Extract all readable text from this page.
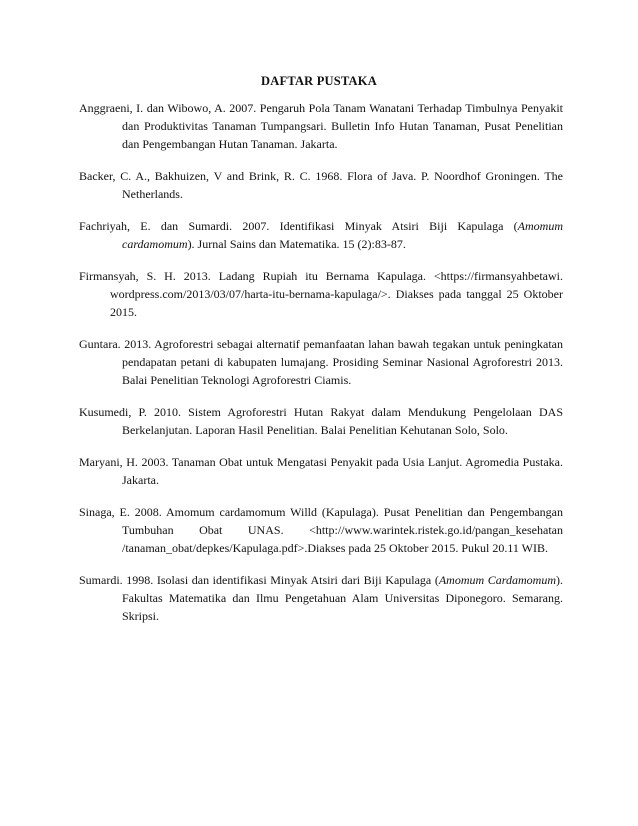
DAFTAR PUSTAKA

Anggraeni, I. dan Wibowo, A. 2007. Pengaruh Pola Tanam Wanatani Terhadap Timbulnya Penyakit dan Produktivitas Tanaman Tumpangsari. Bulletin Info Hutan Tanaman, Pusat Penelitian dan Pengembangan Hutan Tanaman. Jakarta.

Backer, C. A., Bakhuizen, V and Brink, R. C. 1968. Flora of Java. P. Noordhof Groningen. The Netherlands.

Fachriyah, E. dan Sumardi. 2007. Identifikasi Minyak Atsiri Biji Kapulaga (Amomum cardamomum). Jurnal Sains dan Matematika. 15 (2):83-87.

Firmansyah, S. H. 2013. Ladang Rupiah itu Bernama Kapulaga. <https://firmansyahbetawi. wordpress.com/2013/03/07/harta-itu-bernama-kapulaga/>. Diakses pada tanggal 25 Oktober 2015.

Guntara. 2013. Agroforestri sebagai alternatif pemanfaatan lahan bawah tegakan untuk peningkatan pendapatan petani di kabupaten lumajang. Prosiding Seminar Nasional Agroforestri 2013. Balai Penelitian Teknologi Agroforestri Ciamis.

Kusumedi, P. 2010. Sistem Agroforestri Hutan Rakyat dalam Mendukung Pengelolaan DAS Berkelanjutan. Laporan Hasil Penelitian. Balai Penelitian Kehutanan Solo, Solo.

Maryani, H. 2003. Tanaman Obat untuk Mengatasi Penyakit pada Usia Lanjut. Agromedia Pustaka. Jakarta.

Sinaga, E. 2008. Amomum cardamomum Willd (Kapulaga). Pusat Penelitian dan Pengembangan Tumbuhan Obat UNAS. <http://www.warintek.ristek.go.id/pangan_kesehatan /tanaman_obat/depkes/Kapulaga.pdf>.Diakses pada 25 Oktober 2015. Pukul 20.11 WIB.

Sumardi. 1998. Isolasi dan identifikasi Minyak Atsiri dari Biji Kapulaga (Amomum Cardamomum). Fakultas Matematika dan Ilmu Pengetahuan Alam Universitas Diponegoro. Semarang. Skripsi.
